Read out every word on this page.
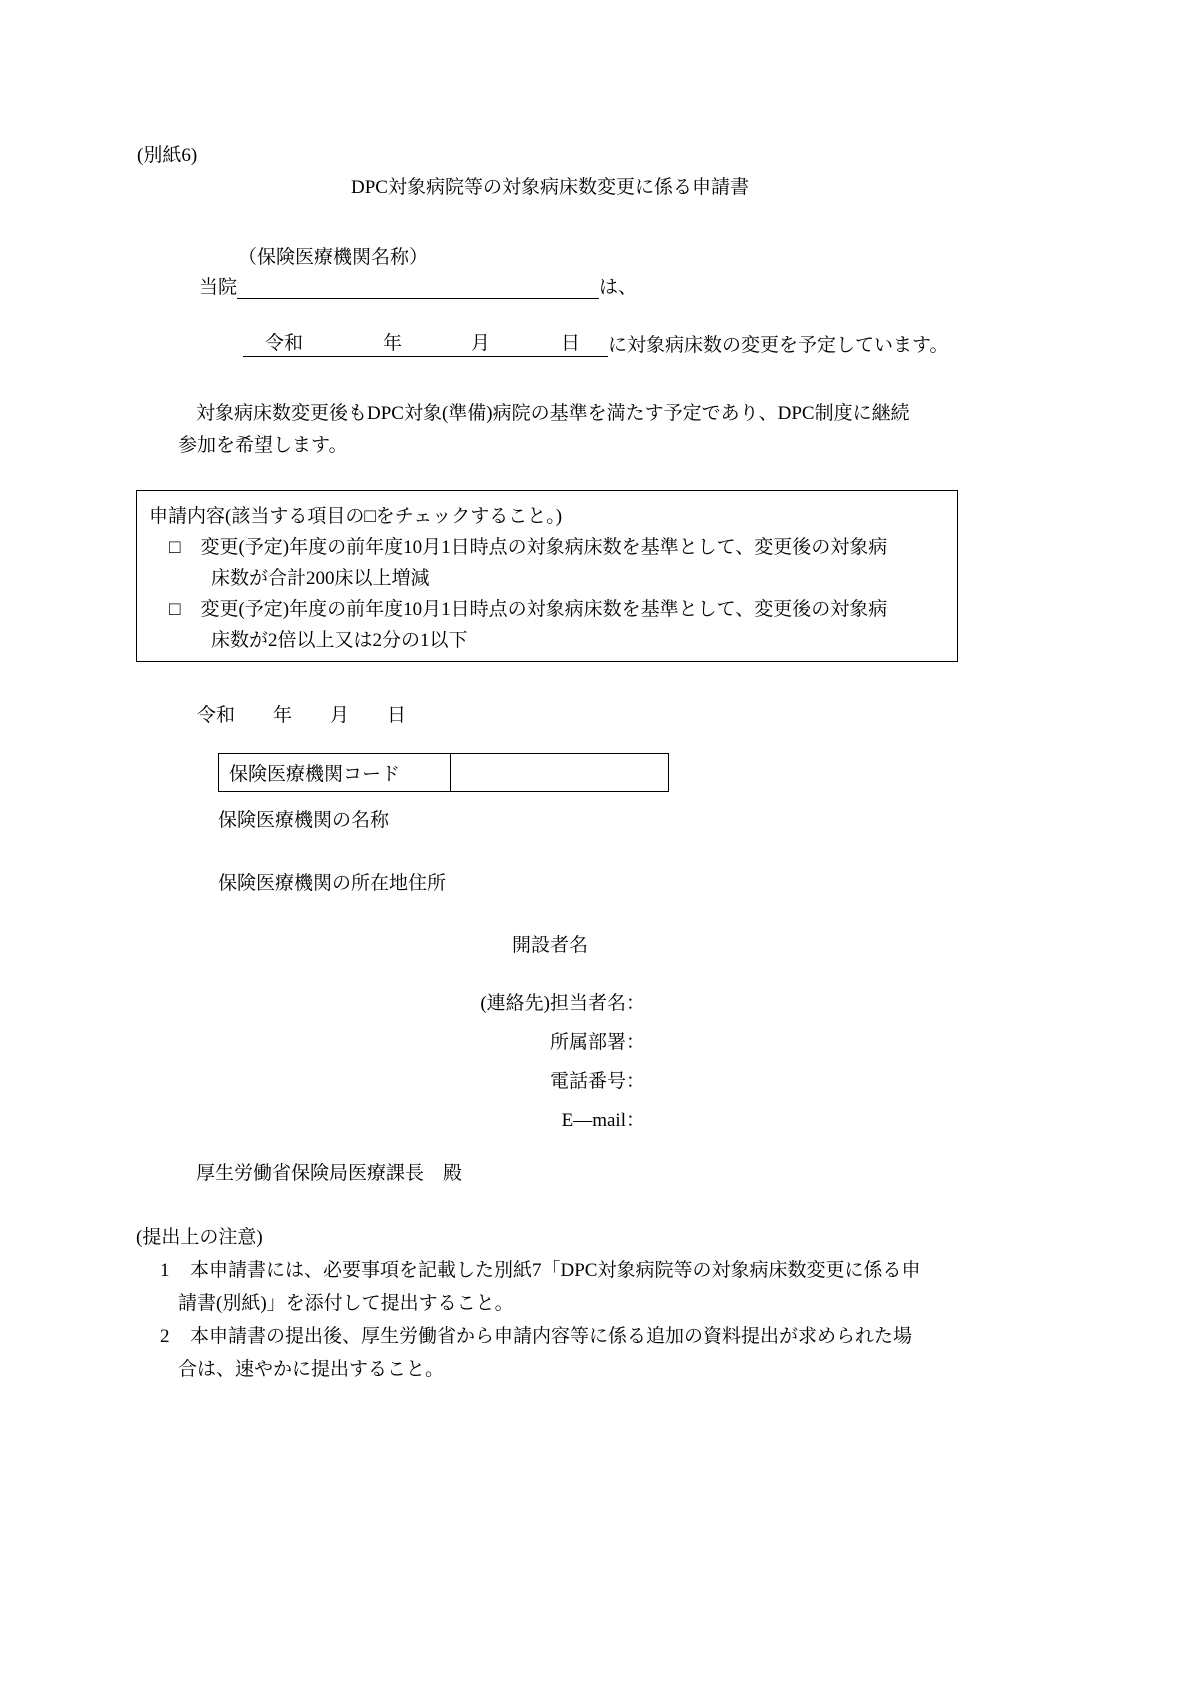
(別紙6)
DPC対象病院等の対象病床数変更に係る申請書
（保険医療機関名称）
当院	は、
令和	年	月	日 に対象病床数の変更を予定しています。
対象病床数変更後もDPC対象(準備)病院の基準を満たす予定であり、DPC制度に継続
参加を希望します。
申請内容(該当する項目の□をチェックすること。)
□ 変更(予定)年度の前年度10月1日時点の対象病床数を基準として、変更後の対象病
床数が合計200床以上増減
□ 変更(予定)年度の前年度10月1日時点の対象病床数を基準として、変更後の対象病
床数が2倍以上又は2分の1以下
令和　　年　　月　　日
保険医療機関コード	
保険医療機関の名称
保険医療機関の所在地住所
開設者名
(連絡先)担当者名：
所属部署：
電話番号：
E—mail：
厚生労働省保険局医療課長　殿
(提出上の注意)
1 本申請書には、必要事項を記載した別紙7「DPC対象病院等の対象病床数変更に係る申
請書(別紙)」を添付して提出すること。
2 本申請書の提出後、厚生労働省から申請内容等に係る追加の資料提出が求められた場
合は、速やかに提出すること。
